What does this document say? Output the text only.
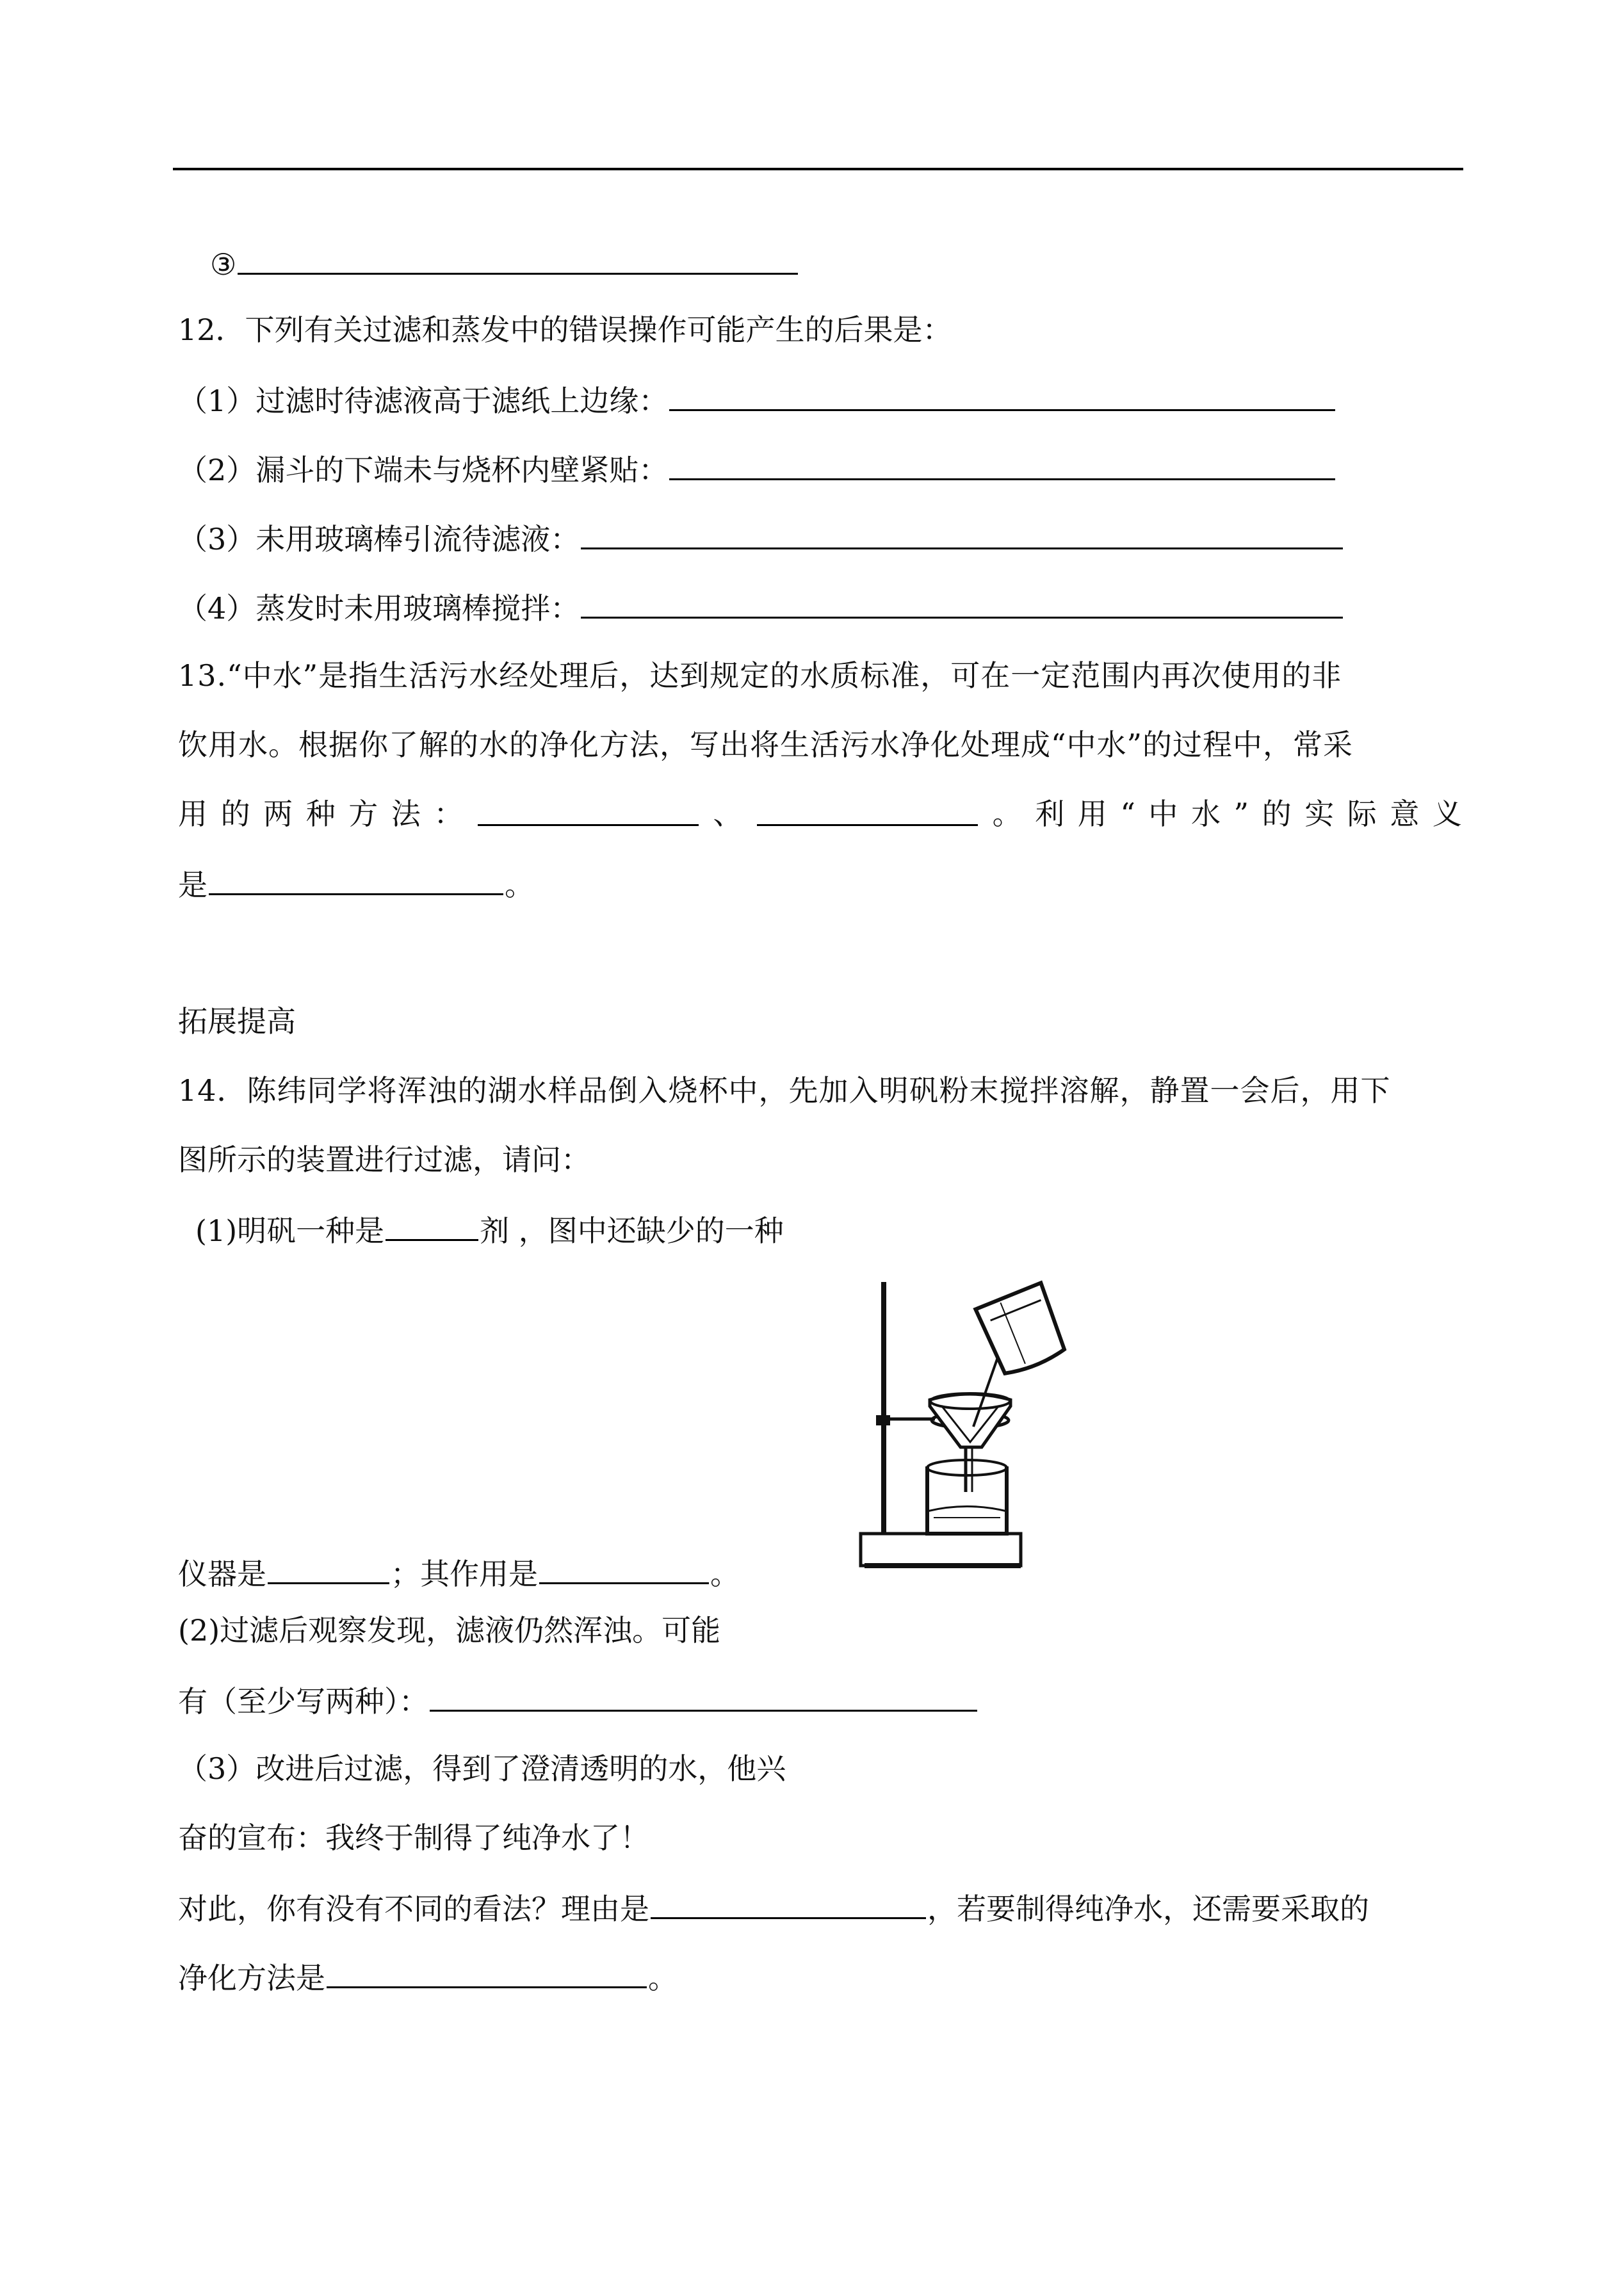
③
12．下列有关过滤和蒸发中的错误操作可能产生的后果是：
（1）过滤时待滤液高于滤纸上边缘：
（2）漏斗的下端未与烧杯内壁紧贴：
（3）未用玻璃棒引流待滤液：
（4）蒸发时未用玻璃棒搅拌：
13.“中水”是指生活污水经处理后，达到规定的水质标准，可在一定范围内再次使用的非
饮用水。根据你了解的水的净化方法，写出将生活污水净化处理成“中水”的过程中，常采
用 的 两 种 方 法 ：	、	。 利 用 “ 中 水 ” 的 实 际 意 义
是	。
拓展提高
14．陈纬同学将浑浊的湖水样品倒入烧杯中，先加入明矾粉末搅拌溶解，静置一会后，用下
图所示的装置进行过滤，请问：
(1)明矾一种是	剂 ，图中还缺少的一种
仪器是	；其作用是	。
(2)过滤后观察发现，滤液仍然浑浊。可能
有（至少写两种）：
（3）改进后过滤，得到了澄清透明的水，他兴
奋的宣布：我终于制得了纯净水了！
对此，你有没有不同的看法？理由是	，若要制得纯净水，还需要采取的
净化方法是	。
